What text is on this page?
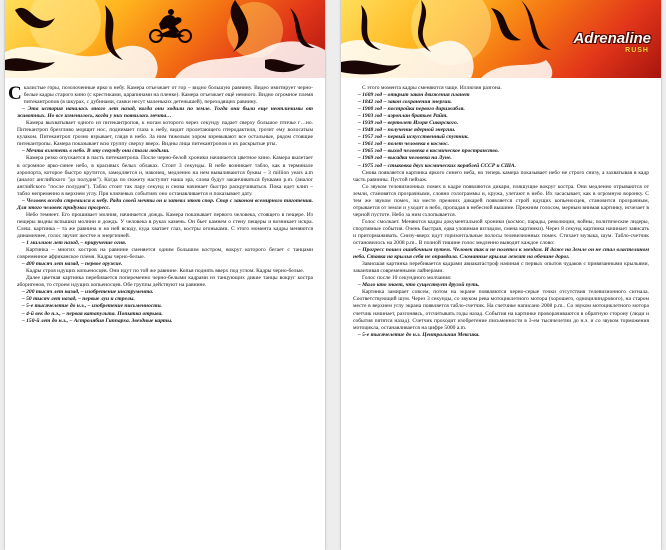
Скалистые горы, позолоченные ярко в небу. Камера отъезжает от гор – видно большую равнину. Видео имитирует черно-белые кадры старого кино (с крестиками, царапинами на пленке). Камера отъезжает ещё немного. Видно огромное племя питекантропов (в шкурах, с дубинами, самки несут маленьких детенышей), переходящих равнину.

– Эта история началась много лет назад, когда они ходили по земле. Тогда они были еще неотличимы от животных. Но все изменилось, когда у них появилась мечта…

Камера выхватывает одного из питекантропов, к ногам которого через секунду падает сверху большое птичье г…но. Питекантроп брезгливо морщит нос, поднимает глаза к небу, видит пролетающего птеродактиля, грозит ему волосатым кулаком. Питекантроп грозно взрывает, глядя в небо. За ним тяжелым хором взревывают все остальные, рядом стоящие питекантропы. Камера показывает всю группу сверху вверх. Видны лица питекантропов и их раскрытые рты.

– Мечта взлететь в небо. В эту секунду они стали людьми.

Камера резко опускается в пасть питекантропа. После черно-белой хроники начинается цветное кино. Камера вылетает в огромное ярко-синее небо, в красивых белых облаках. Стоит 3 секунды. В небе возникает табло, как в терминале аэропорта, которое быстро крутится, замедляется и, наконец, медленно на нем вываливаются буквы – 3 million years a.m (аналог английского "до полудня"). Когда по сюжету наступит наша эра, слова будут заканчиваться буквами p.m. (аналог английского "после полудня"). Табло стоит так пару секунд и снова начинает быстро раскручиваться. Пока идет клип – табло непременно в верхнем углу. При ключевых событиях оно останавливается и показывает дату.

– Человек всегда стремился к небу. Ради своей мечты он и затеял этот спор. Спор с законом всемирного тяготения. Для этого человек придумал прогресс.

Небо темнеет. Его прошивает молния, начинается дождь. Камера показывает первого человека, стоящего в пещере. Из пещеры видны вспышки молнии и дождь. У человека в руках камень. Он бьет камнем о стену пещеры и возникает искра. Слеш. картинка – та же равнина и на ней всюду, куда хватает глаз, костры огоньками. С этого момента кадры меняются динамичнее, голос звучит жестче и энергичней.

– 1 миллион лет назад, – приручение огня.

Картинка – многих костров на равнине сменяется одним большим костром, вокруг которого бегает с танцами современное африканское племя. Кадры черно-белые.

– 400 тысяч лет назад, – первое оружие.

Кадры строя идущих копьеносцев. Они идут по той же равнине. Копья поднять вверх под углом. Кадры черно-белые.

Далее цветная картинка перебивается попеременно черно-белыми кадрами из танцующих дикие танцы вокруг костра аборигенов, то строем идущих копьеносцев. Обе группы действуют на равнине.

– 200 тысяч лет назад, – изобретение инструмента.

– 50 тысяч лет назад, – первые луи и стрелы.

– 5-е тысячелетие до н.э., – изобретение письменности.

– 4-й век до н.э., – первая катапульта. Попытка отрыва.

– 150-й лет до н.э., – Астролябия Гиппарха. Звездные карты.

Adrenaline
RUSH

С этого момента кадры сменяются чаще. Иллюзия разгона.

– 1609 год – открыт закон движения планет

– 1842 год – закон сохранения энергии.

– 1900 год – постройка первого дирижабля.

– 1903 год – аэроплан братьев Райт.

– 1939 год – вертолет Игоря Сикорского.

– 1948 год – получение ядерной энергии.

– 1957 год – первый искусственный спутник.

– 1961 год – полет человека в космос.

– 1965 год – выход человека в космическое пространство.

– 1969 год – высадка человека на Луне.

– 1975 год – стыковка двух космических кораблей СССР и США.

Снова появляется картинка яркого синего неба, но теперь камера показывает небо не строго снизу, а захватывая в кадр часть равнины. Пустой пейзаж.

Со звуком телевизионных помех в кадре появляются дикари, пляшущие вокруг костра. Они медленно отрываются от земли, становятся прозрачными, словно голограммы и, кружа, улетают в небо. Их засасывает, как в огромную воронку. С тем же звуком помех, на месте прежних дикарей появляется строй идущих копьеносцев, становится прозрачным, отрывается от земли и уходит в небо, пропадая в небесной вышине. Прежним голосом, мерным внимая картинку, исчезает в черной пустоте. Небо за ним схлопывается.

Голос смолкает. Меняются кадры документальной хроники (космос, парады, революции, войны, политические лидеры, спортивные события. Очень быстрая, едва уловимая взглядом, смена картинки). Через 8 секунд картинка начинает зависать и притормаживать. Снизу-вверх идут горизонтальные полосы телевизионных помех. Стихает музыка, шум. Табло-счетчик остановилось на 2008 p.m.. В полной тишине голос медленно выводит каждое слово:

– Прогресс пошел ошибочным путем. Человек так и не полетел к звездам. И даже на Земле он не стал властелином неба. Ставка на крылья себя не оправдала. Сломанные крылья лежат на обочине дорог.

Зависшая картинка перебивается кадрами авиакатастроф начиная с первых опытов чудаков с привязанными крыльями, заканчивая современными лайнерами.

Голос после 10 секундного молчания:

– Мало кто знает, что существует другой путь.

Картинка замирает совсем, потом на экране появляются черно-серые точки отсутствия телевизионного сигнала. Соответствующий шум. Через 3 секунды, со звуком рева мотоциклетного мотора (хорошего, одноцилиндрового), на старом месте в верхнем углу экрана появляется табло-счетчик. На счетчике написано 2008 p.m.. Со звуком мотоциклетного мотора счетчик начинает, разгоняясь, отсчитывать годы назад. События на картинке проворачиваются в обратную сторону (люди и события пятятся назад). Счетчик проходит изобретение письменности в 3-ем тысячелетии до н.э. и со звуком торможения мотоцикла, останавливается на цифре 5000 a.m.

– 5-е тысячелетие до н.э. Центральная Мексика.
